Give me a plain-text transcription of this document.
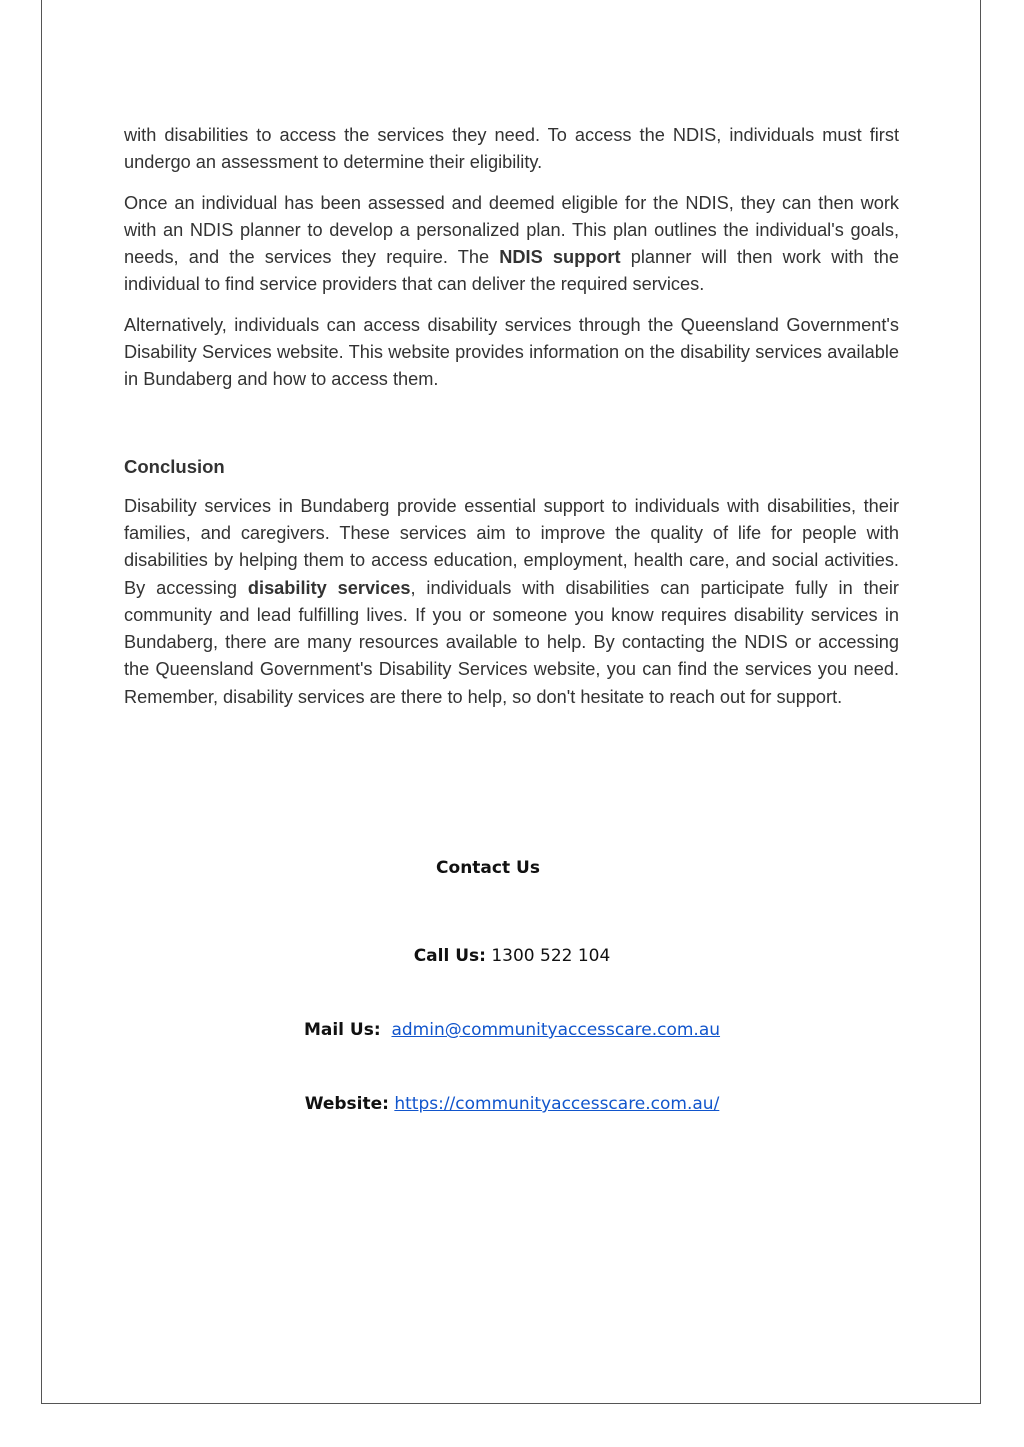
with disabilities to access the services they need. To access the NDIS, individuals must first undergo an assessment to determine their eligibility.

Once an individual has been assessed and deemed eligible for the NDIS, they can then work with an NDIS planner to develop a personalized plan. This plan outlines the individual's goals, needs, and the services they require. The NDIS support planner will then work with the individual to find service providers that can deliver the required services.

Alternatively, individuals can access disability services through the Queensland Government's Disability Services website. This website provides information on the disability services available in Bundaberg and how to access them.

Conclusion

Disability services in Bundaberg provide essential support to individuals with disabilities, their families, and caregivers. These services aim to improve the quality of life for people with disabilities by helping them to access education, employment, health care, and social activities. By accessing disability services, individuals with disabilities can participate fully in their community and lead fulfilling lives. If you or someone you know requires disability services in Bundaberg, there are many resources available to help. By contacting the NDIS or accessing the Queensland Government's Disability Services website, you can find the services you need. Remember, disability services are there to help, so don't hesitate to reach out for support.

Contact Us
Call Us: 1300 522 104
Mail Us: admin@communityaccesscare.com.au
Website: https://communityaccesscare.com.au/
